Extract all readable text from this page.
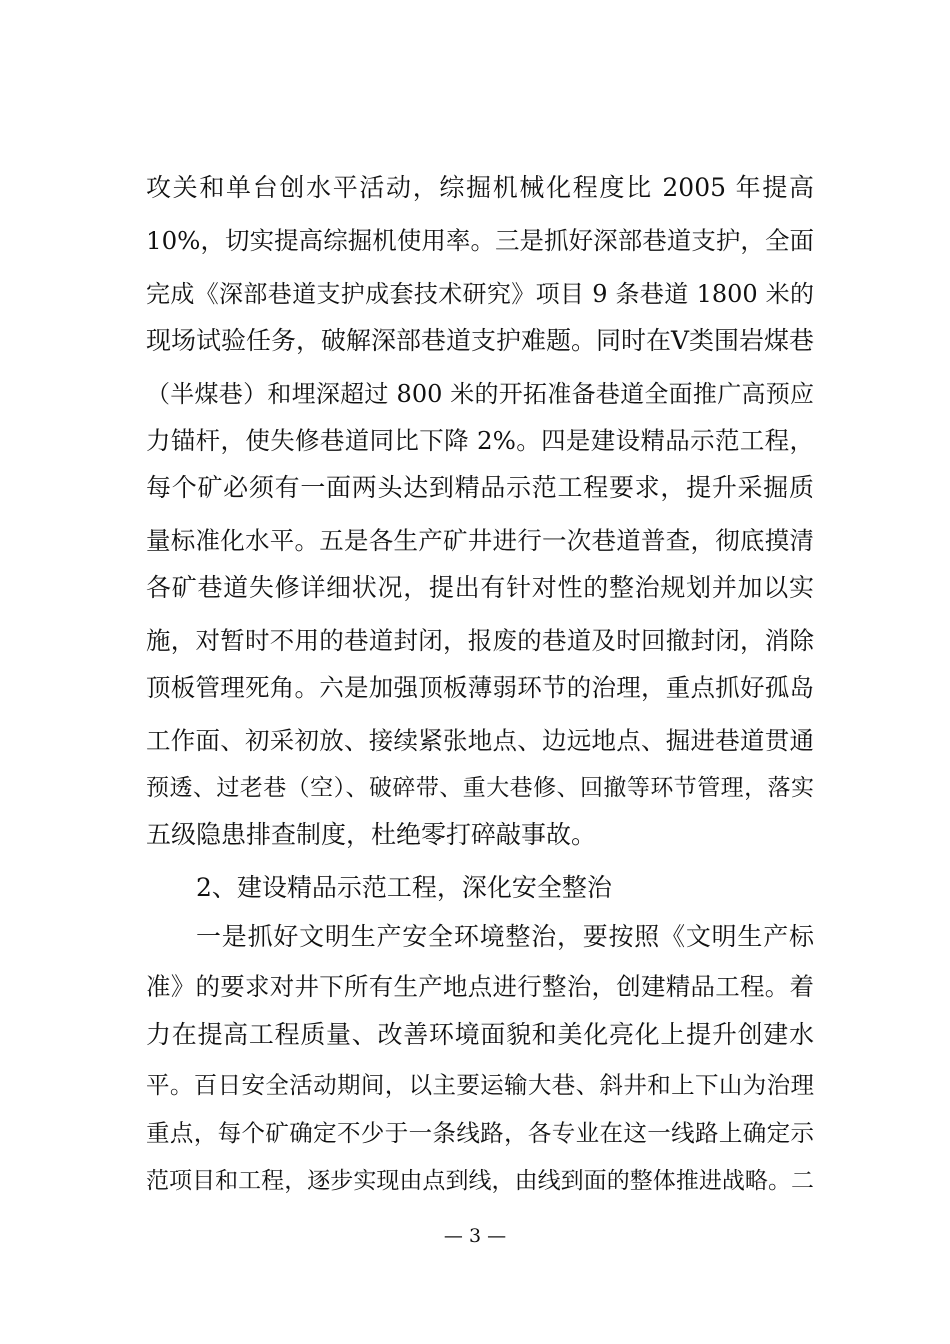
攻关和单台创水平活动，综掘机械化程度比 2005 年提高
10%，切实提高综掘机使用率。三是抓好深部巷道支护，全面
完成《深部巷道支护成套技术研究》项目 9 条巷道 1800 米的
现场试验任务，破解深部巷道支护难题。同时在Ⅴ类围岩煤巷
（半煤巷）和埋深超过 800 米的开拓准备巷道全面推广高预应
力锚杆，使失修巷道同比下降 2%。四是建设精品示范工程，
每个矿必须有一面两头达到精品示范工程要求，提升采掘质
量标准化水平。五是各生产矿井进行一次巷道普查，彻底摸清
各矿巷道失修详细状况，提出有针对性的整治规划并加以实
施，对暂时不用的巷道封闭，报废的巷道及时回撤封闭，消除
顶板管理死角。六是加强顶板薄弱环节的治理，重点抓好孤岛
工作面、初采初放、接续紧张地点、边远地点、掘进巷道贯通
预透、过老巷（空）、破碎带、重大巷修、回撤等环节管理，落实
五级隐患排查制度，杜绝零打碎敲事故。
2、建设精品示范工程，深化安全整治
一是抓好文明生产安全环境整治，要按照《文明生产标
准》的要求对井下所有生产地点进行整治，创建精品工程。着
力在提高工程质量、改善环境面貌和美化亮化上提升创建水
平。百日安全活动期间，以主要运输大巷、斜井和上下山为治理
重点，每个矿确定不少于一条线路，各专业在这一线路上确定示
范项目和工程，逐步实现由点到线，由线到面的整体推进战略。二
— 3 —
